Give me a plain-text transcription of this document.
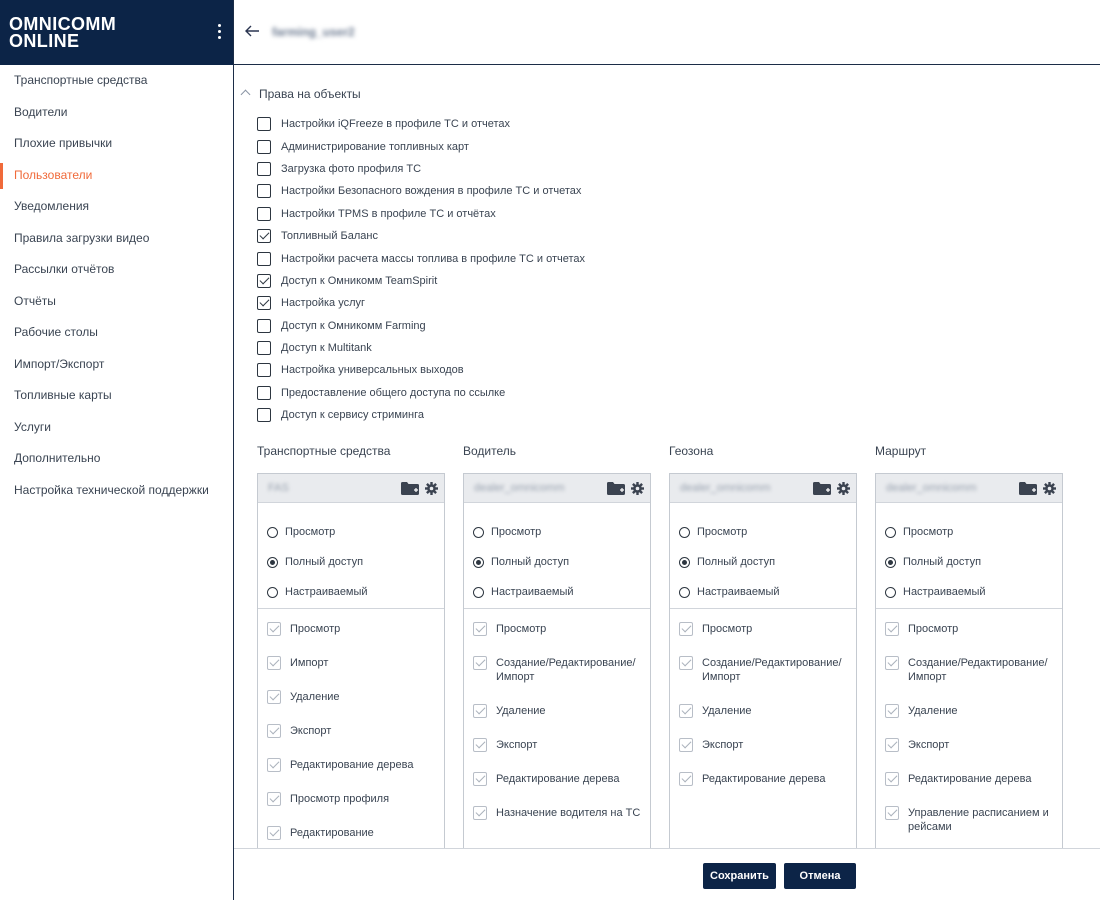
OMNICOMM
ONLINE
Транспортные средства
Водители
Плохие привычки
Пользователи
Уведомления
Правила загрузки видео
Рассылки отчётов
Отчёты
Рабочие столы
Импорт/Экспорт
Топливные карты
Услуги
Дополнительно
Настройка технической поддержки
farming_user2
Права на объекты
Настройки iQFreeze в профиле ТС и отчетах
Администрирование топливных карт
Загрузка фото профиля ТС
Настройки Безопасного вождения в профиле ТС и отчетах
Настройки TPMS в профиле ТС и отчётах
Топливный Баланс
Настройки расчета массы топлива в профиле ТС и отчетах
Доступ к Омникомм TeamSpirit
Настройка услуг
Доступ к Омникомм Farming
Доступ к Multitank
Настройка универсальных выходов
Предоставление общего доступа по ссылке
Доступ к сервису стриминга
Транспортные средства
FAS
Просмотр
Полный доступ
Настраиваемый
Просмотр
Импорт
Удаление
Экспорт
Редактирование дерева
Просмотр профиля
Редактирование
Водитель
dealer_omnicomm
Просмотр
Полный доступ
Настраиваемый
Просмотр
Создание/Редактирование/Импорт
Удаление
Экспорт
Редактирование дерева
Назначение водителя на ТС
Геозона
dealer_omnicomm
Просмотр
Полный доступ
Настраиваемый
Просмотр
Создание/Редактирование/Импорт
Удаление
Экспорт
Редактирование дерева
Маршрут
dealer_omnicomm
Просмотр
Полный доступ
Настраиваемый
Просмотр
Создание/Редактирование/Импорт
Удаление
Экспорт
Редактирование дерева
Управление расписанием и рейсами
Сохранить	Отмена
